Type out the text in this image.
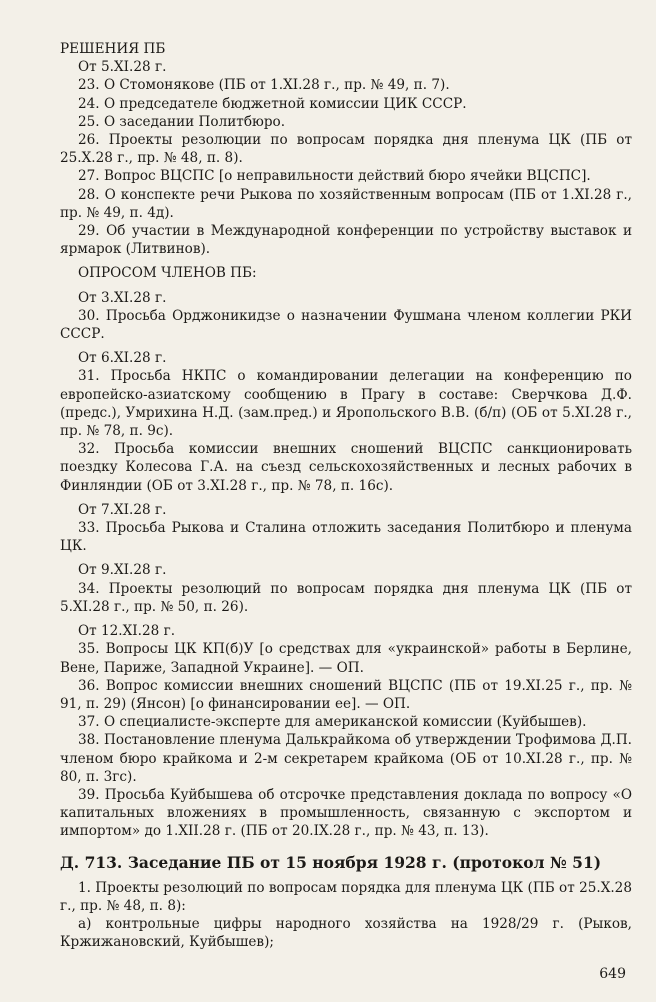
РЕШЕНИЯ ПБ
От 5.XI.28 г.
23. О Стомонякове (ПБ от 1.XI.28 г., пр. № 49, п. 7).
24. О председателе бюджетной комиссии ЦИК СССР.
25. О заседании Политбюро.
26. Проекты резолюции по вопросам порядка дня пленума ЦК (ПБ от 25.X.28 г., пр. № 48, п. 8).
27. Вопрос ВЦСПС [о неправильности действий бюро ячейки ВЦСПС].
28. О конспекте речи Рыкова по хозяйственным вопросам (ПБ от 1.XI.28 г., пр. № 49, п. 4д).
29. Об участии в Международной конференции по устройству выставок и ярмарок (Литвинов).
ОПРОСОМ ЧЛЕНОВ ПБ:
От 3.XI.28 г.
30. Просьба Орджоникидзе о назначении Фушмана членом коллегии РКИ СССР.
От 6.XI.28 г.
31. Просьба НКПС о командировании делегации на конференцию по европейско-азиатскому сообщению в Прагу в составе: Сверчкова Д.Ф. (предс.), Умрихина Н.Д. (зам.пред.) и Яропольского В.В. (б/п) (ОБ от 5.XI.28 г., пр. № 78, п. 9с).
32. Просьба комиссии внешних сношений ВЦСПС санкционировать поездку Колесова Г.А. на съезд сельскохозяйственных и лесных рабочих в Финляндии (ОБ от 3.XI.28 г., пр. № 78, п. 16с).
От 7.XI.28 г.
33. Просьба Рыкова и Сталина отложить заседания Политбюро и пленума ЦК.
От 9.XI.28 г.
34. Проекты резолюций по вопросам порядка дня пленума ЦК (ПБ от 5.XI.28 г., пр. № 50, п. 26).
От 12.XI.28 г.
35. Вопросы ЦК КП(б)У [о средствах для «украинской» работы в Берлине, Вене, Париже, Западной Украине]. — ОП.
36. Вопрос комиссии внешних сношений ВЦСПС (ПБ от 19.XI.25 г., пр. № 91, п. 29) (Янсон) [о финансировании ее]. — ОП.
37. О специалисте-эксперте для американской комиссии (Куйбышев).
38. Постановление пленума Далькрайкома об утверждении Трофимова Д.П. членом бюро крайкома и 2-м секретарем крайкома (ОБ от 10.XI.28 г., пр. № 80, п. 3гс).
39. Просьба Куйбышева об отсрочке представления доклада по вопросу «О капитальных вложениях в промышленность, связанную с экспортом и импортом» до 1.XII.28 г. (ПБ от 20.IX.28 г., пр. № 43, п. 13).
Д. 713. Заседание ПБ от 15 ноября 1928 г. (протокол № 51)
1. Проекты резолюций по вопросам порядка для пленума ЦК (ПБ от 25.X.28 г., пр. № 48, п. 8):
а) контрольные цифры народного хозяйства на 1928/29 г. (Рыков, Кржижановский, Куйбышев);
649
